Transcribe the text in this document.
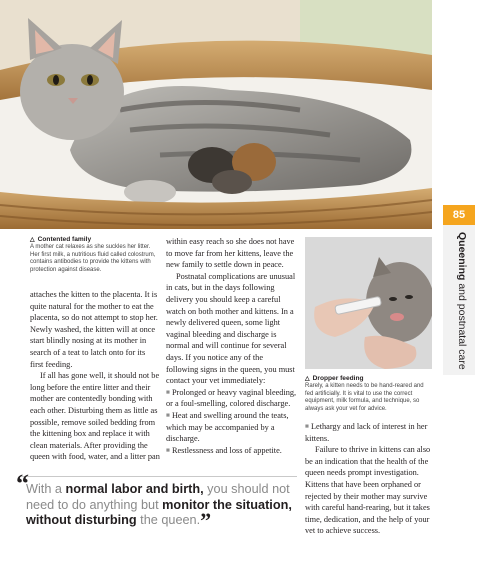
85
Queening and postnatal care
△ Contented family
A mother cat relaxes as she suckles her litter. Her first milk, a nutritious fluid called colostrum, contains antibodies to provide the kittens with protection against disease.

attaches the kitten to the placenta. It is quite natural for the mother to eat the placenta, so do not attempt to stop her. Newly washed, the kitten will at once start blindly nosing at its mother in search of a teat to latch onto for its first feeding.

If all has gone well, it should not be long before the entire litter and their mother are contentedly bonding with each other. Disturbing them as little as possible, remove soiled bedding from the kittening box and replace it with clean materials. After providing the queen with food, water, and a litter pan

within easy reach so she does not have to move far from her kittens, leave the new family to settle down in peace.

Postnatal complications are unusual in cats, but in the days following delivery you should keep a careful watch on both mother and kittens. In a newly delivered queen, some light vaginal bleeding and discharge is normal and will continue for several days. If you notice any of the following signs in the queen, you must contact your vet immediately:

■ Prolonged or heavy vaginal bleeding, or a foul-smelling, colored discharge.
■ Heat and swelling around the teats, which may be accompanied by a discharge.
■ Restlessness and loss of appetite.
△ Dropper feeding
Rarely, a kitten needs to be hand-reared and fed artificially. It is vital to use the correct equipment, milk formula, and technique, so always ask your vet for advice.
■ Lethargy and lack of interest in her kittens.

Failure to thrive in kittens can also be an indication that the health of the queen needs prompt investigation. Kittens that have been orphaned or rejected by their mother may survive with careful hand-rearing, but it takes time, dedication, and the help of your vet to achieve success.

“
With a normal labor and birth, you should not need to do anything but monitor the situation, without disturbing the queen.”
